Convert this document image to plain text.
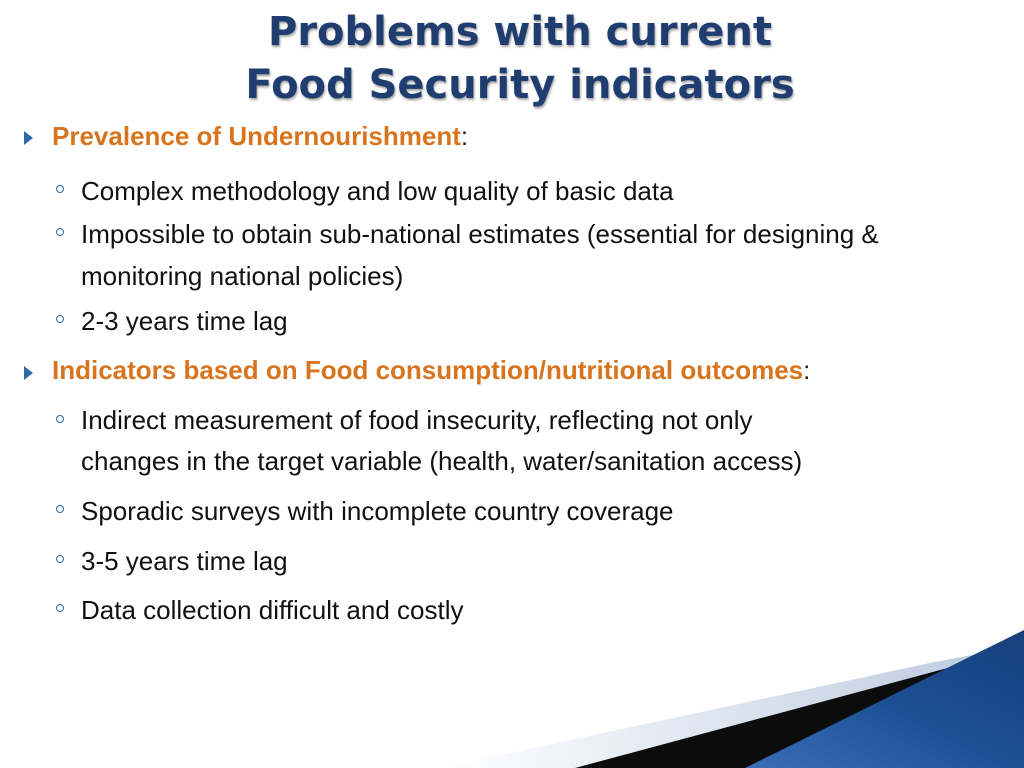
Problems with current
Food Security indicators
Prevalence of Undernourishment:
Complex methodology and low quality of basic data
Impossible to obtain sub-national estimates (essential for designing &
monitoring national policies)
2-3 years time lag
Indicators based on Food consumption/nutritional outcomes:
Indirect measurement of food insecurity, reflecting not only
changes in the target variable (health, water/sanitation access)
Sporadic surveys with incomplete country coverage
3-5 years time lag
Data collection difficult and costly
